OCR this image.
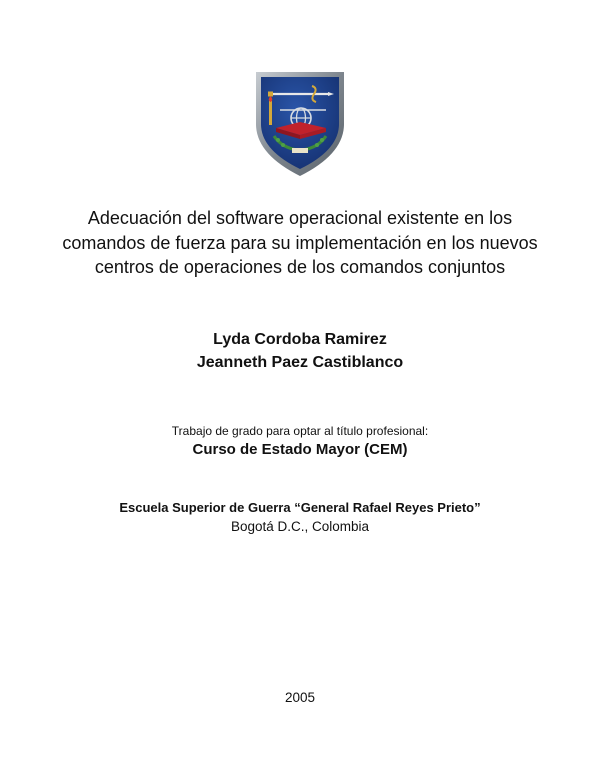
Adecuación del software operacional existente en los comandos de fuerza para su implementación en los nuevos centros de operaciones de los comandos conjuntos

Lyda Cordoba Ramirez
Jeanneth Paez Castiblanco
Trabajo de grado para optar al título profesional:
Curso de Estado Mayor (CEM)
Escuela Superior de Guerra “General Rafael Reyes Prieto”
Bogotá D.C., Colombia
2005
